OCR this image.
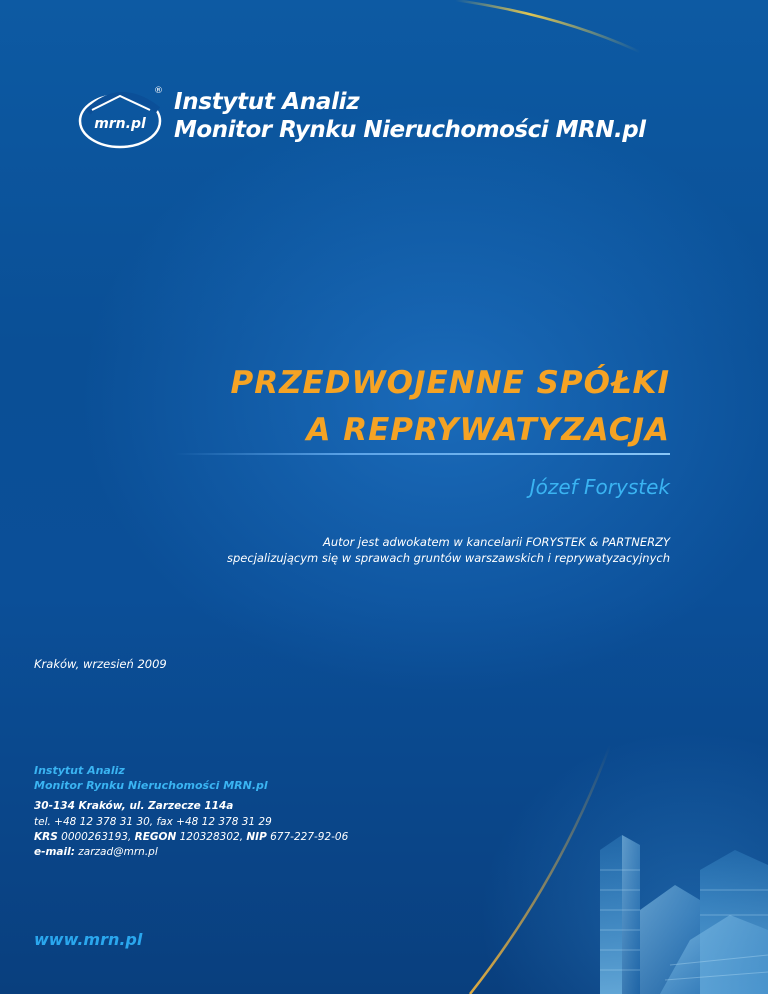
mrn.pl
® Instytut Analiz
Monitor Rynku Nieruchomości MRN.pl
PRZEDWOJENNE SPÓŁKI
A REPRYWATYZACJA
Józef Forystek
Autor jest adwokatem w kancelarii FORYSTEK & PARTNERZY
specjalizującym się w sprawach gruntów warszawskich i reprywatyzacyjnych
Kraków, wrzesień 2009
Instytut Analiz
Monitor Rynku Nieruchomości MRN.pl
30-134 Kraków, ul. Zarzecze 114a
tel. +48 12 378 31 30, fax +48 12 378 31 29
KRS 0000263193, REGON 120328302, NIP 677-227-92-06
e-mail: zarzad@mrn.pl
www.mrn.pl
